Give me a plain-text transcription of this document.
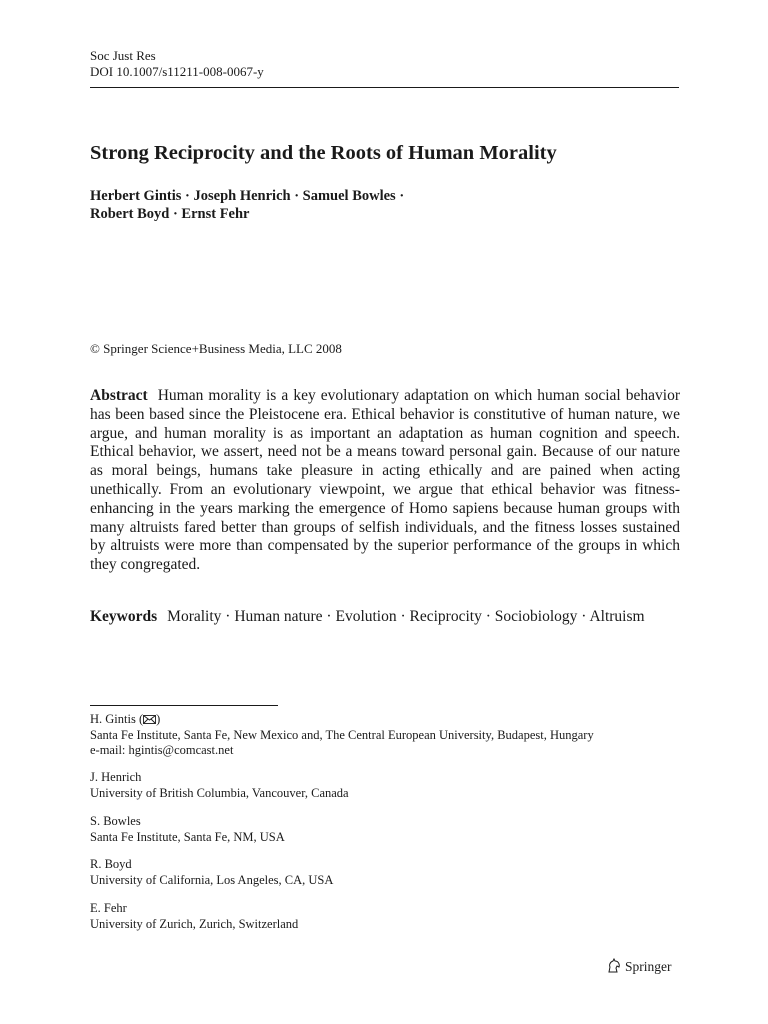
Soc Just Res
DOI 10.1007/s11211-008-0067-y
Strong Reciprocity and the Roots of Human Morality
Herbert Gintis · Joseph Henrich · Samuel Bowles ·
Robert Boyd · Ernst Fehr
© Springer Science+Business Media, LLC 2008
Abstract Human morality is a key evolutionary adaptation on which human social behavior has been based since the Pleistocene era. Ethical behavior is constitutive of human nature, we argue, and human morality is as important an adaptation as human cognition and speech. Ethical behavior, we assert, need not be a means toward personal gain. Because of our nature as moral beings, humans take pleasure in acting ethically and are pained when acting unethically. From an evolutionary viewpoint, we argue that ethical behavior was fitness-enhancing in the years marking the emergence of Homo sapiens because human groups with many altruists fared better than groups of selfish individuals, and the fitness losses sustained by altruists were more than compensated by the superior performance of the groups in which they congregated.
Keywords Morality · Human nature · Evolution · Reciprocity · Sociobiology · Altruism
H. Gintis ( )
Santa Fe Institute, Santa Fe, New Mexico and, The Central European University, Budapest, Hungary
e-mail: hgintis@comcast.net
J. Henrich
University of British Columbia, Vancouver, Canada
S. Bowles
Santa Fe Institute, Santa Fe, NM, USA
R. Boyd
University of California, Los Angeles, CA, USA
E. Fehr
University of Zurich, Zurich, Switzerland
Springer
